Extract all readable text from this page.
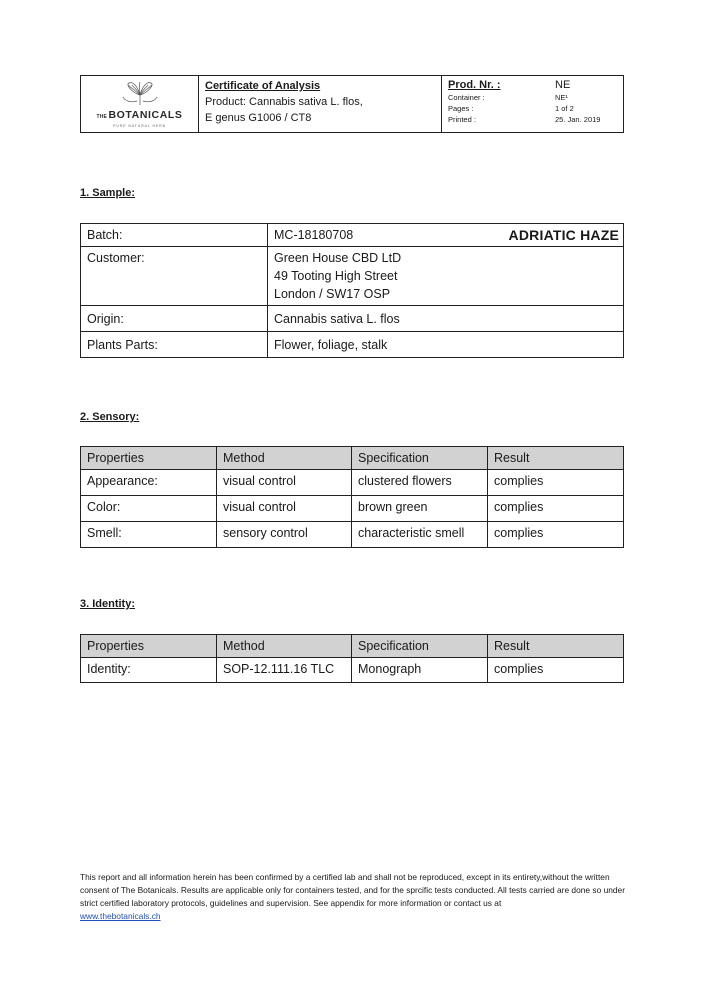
THE BOTANICALS
PURE NATURAL HERB
Certificate of Analysis
Product: Cannabis sativa L. flos,
E genus G1006 / CT8
Prod. Nr. :	NE
Container :	NE¹
Pages :	1 of 2
Printed :	25. Jan. 2019
1. Sample:
Batch:	MC-18180708 ADRIATIC HAZE

Customer:	Green House CBD LtD
49 Tooting High Street
London / SW17 OSP

Origin:	Cannabis sativa L. flos
Plants Parts:	Flower, foliage, stalk
2. Sensory:
Properties	Method	Specification	Result
Appearance:	visual control	clustered flowers	complies
Color:	visual control	brown green	complies
Smell:	sensory control	characteristic smell	complies
3. Identity:
Properties	Method	Specification	Result
Identity:	SOP-12.111.16 TLC	Monograph	complies
This report and all information herein has been confirmed by a certified lab and shall not be reproduced, except in its entirety,without the written consent of The Botanicals. Results are applicable only for containers tested, and for the sprcific tests conducted. All tests carried are done so under strict certified laboratory protocols, guidelines and supervision. See appendix for more information or contact us at
www.thebotanicals.ch
